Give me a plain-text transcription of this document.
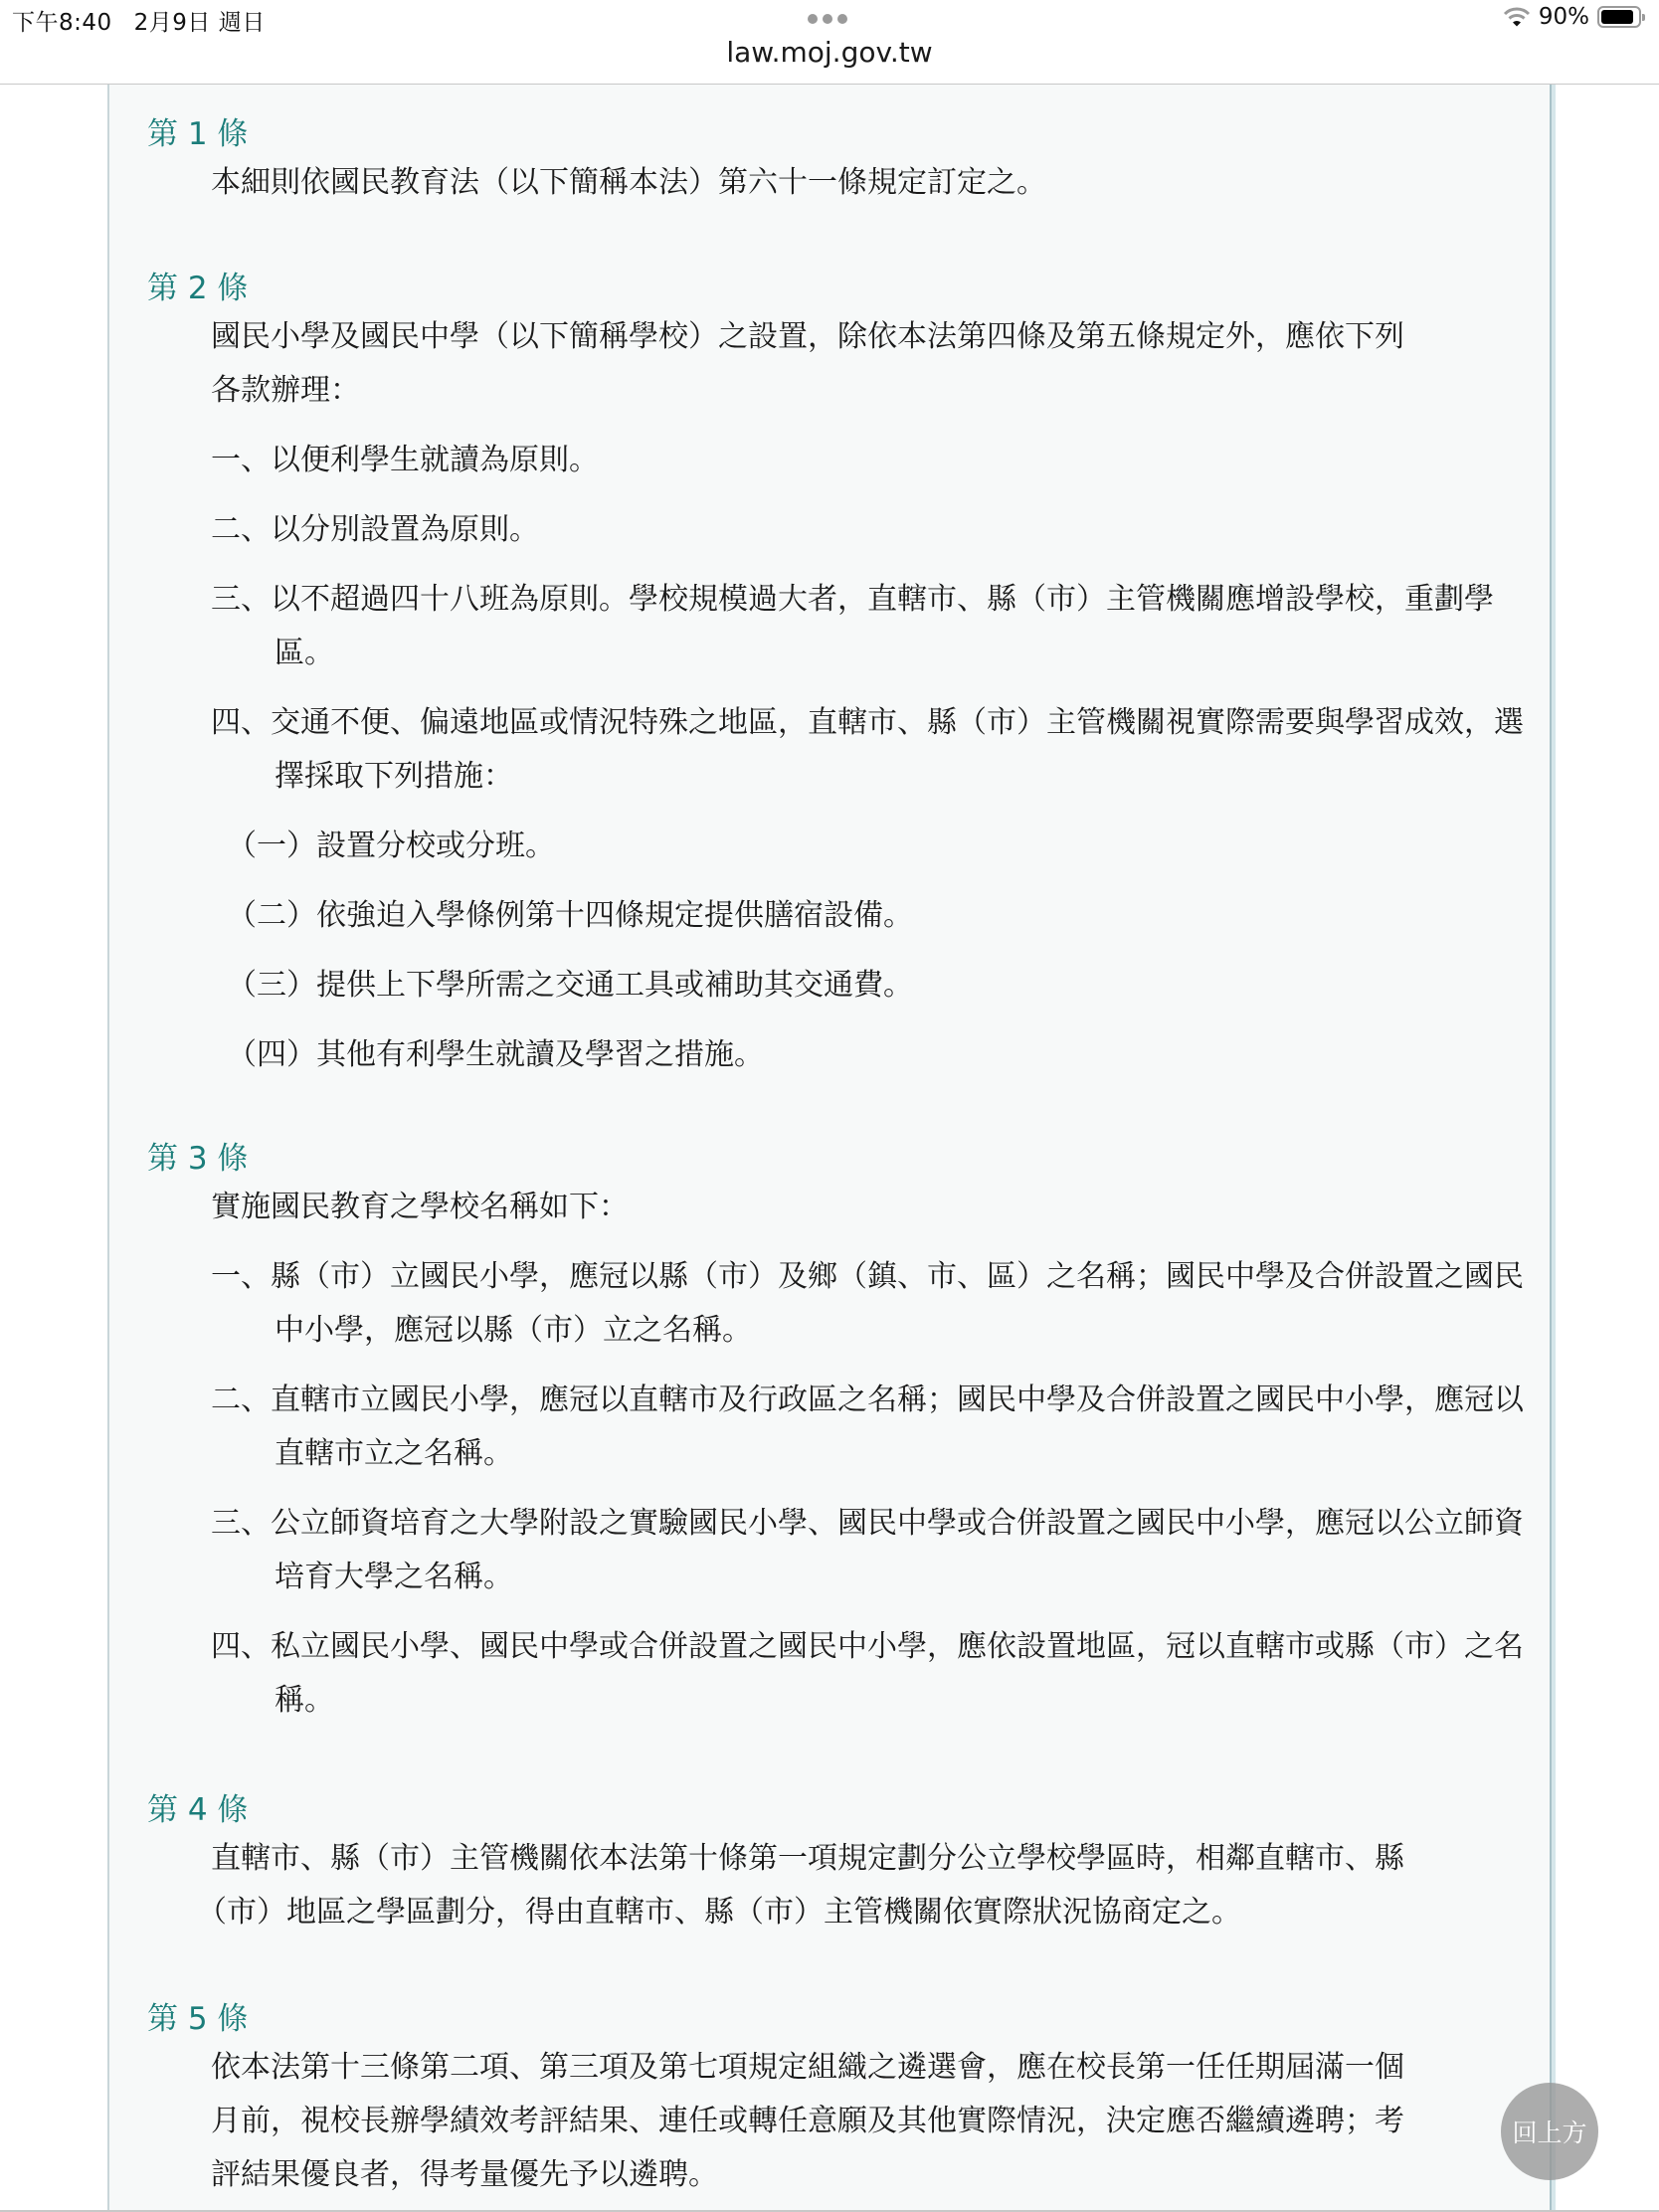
下午8:40 2月9日 週日	90%
law.moj.gov.tw
第 1 條
本細則依國民教育法（以下簡稱本法）第六十一條規定訂定之。
第 2 條
國民小學及國民中學（以下簡稱學校）之設置，除依本法第四條及第五條規定外，應依下列
各款辦理：
一、以便利學生就讀為原則。
二、以分別設置為原則。
三、以不超過四十八班為原則。學校規模過大者，直轄市、縣（市）主管機關應增設學校，重劃學區。
四、交通不便、偏遠地區或情況特殊之地區，直轄市、縣（市）主管機關視實際需要與學習成效，選擇採取下列措施：
（一）設置分校或分班。
（二）依強迫入學條例第十四條規定提供膳宿設備。
（三）提供上下學所需之交通工具或補助其交通費。
（四）其他有利學生就讀及學習之措施。
第 3 條
實施國民教育之學校名稱如下：
一、縣（市）立國民小學，應冠以縣（市）及鄉（鎮、市、區）之名稱；國民中學及合併設置之國民中小學，應冠以縣（市）立之名稱。
二、直轄市立國民小學，應冠以直轄市及行政區之名稱；國民中學及合併設置之國民中小學，應冠以直轄市立之名稱。
三、公立師資培育之大學附設之實驗國民小學、國民中學或合併設置之國民中小學，應冠以公立師資培育大學之名稱。
四、私立國民小學、國民中學或合併設置之國民中小學，應依設置地區，冠以直轄市或縣（市）之名稱。
第 4 條
直轄市、縣（市）主管機關依本法第十條第一項規定劃分公立學校學區時，相鄰直轄市、縣
（市）地區之學區劃分，得由直轄市、縣（市）主管機關依實際狀況協商定之。
第 5 條
依本法第十三條第二項、第三項及第七項規定組織之遴選會，應在校長第一任任期屆滿一個
月前，視校長辦學績效考評結果、連任或轉任意願及其他實際情況，決定應否繼續遴聘；考
評結果優良者，得考量優先予以遴聘。
回上方
